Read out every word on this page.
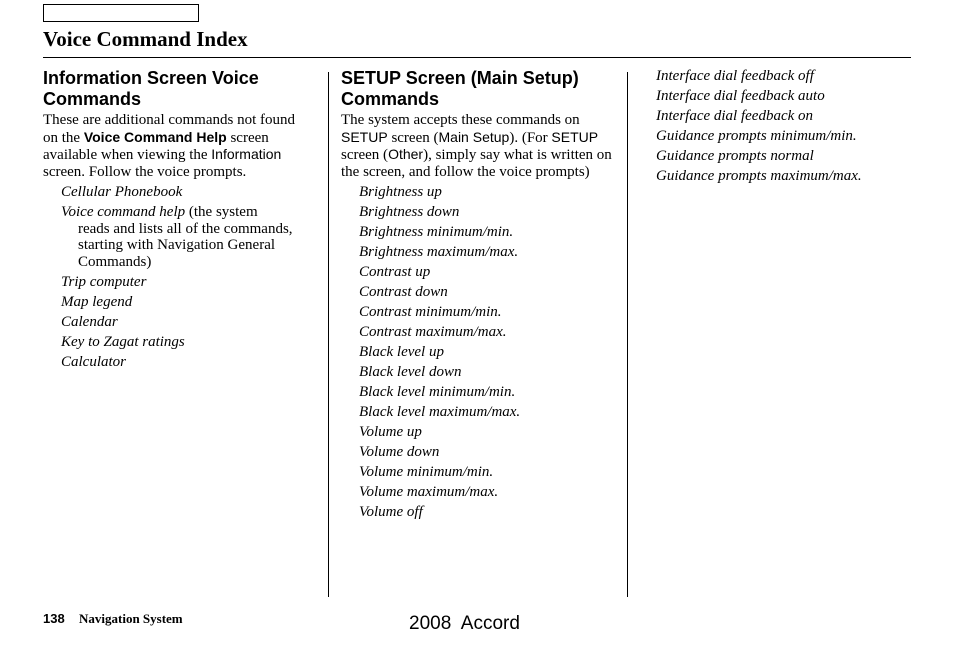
Voice Command Index
Information Screen Voice Commands

These are additional commands not found on the Voice Command Help screen available when viewing the Information screen. Follow the voice prompts.

Cellular Phonebook
Voice command help (the system
reads and lists all of the commands, starting with Navigation General Commands)
Trip computer
Map legend
Calendar
Key to Zagat ratings
Calculator
SETUP Screen (Main Setup) Commands

The system accepts these commands on SETUP screen (Main Setup). (For SETUP screen (Other), simply say what is written on the screen, and follow the voice prompts)

Brightness up
Brightness down
Brightness minimum/min.
Brightness maximum/max.
Contrast up
Contrast down
Contrast minimum/min.
Contrast maximum/max.
Black level up
Black level down
Black level minimum/min.
Black level maximum/max.
Volume up
Volume down
Volume minimum/min.
Volume maximum/max.
Volume off
Interface dial feedback off
Interface dial feedback auto
Interface dial feedback on
Guidance prompts minimum/min.
Guidance prompts normal
Guidance prompts maximum/max.
138 Navigation System	2008  Accord
